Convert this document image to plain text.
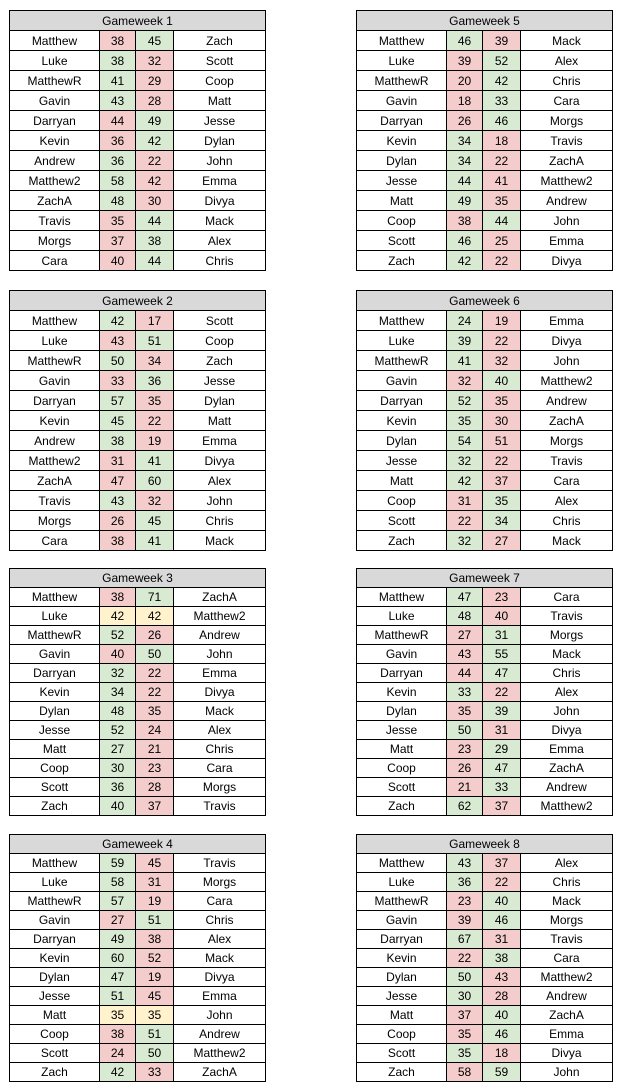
Gameweek 1			
Matthew	38	45	Zach
Luke	38	32	Scott
MatthewR	41	29	Coop
Gavin	43	28	Matt
Darryan	44	49	Jesse
Kevin	36	42	Dylan
Andrew	36	22	John
Matthew2	58	42	Emma
ZachA	48	30	Divya
Travis	35	44	Mack
Morgs	37	38	Alex
Cara	40	44	Chris
Gameweek 5			
Matthew	46	39	Mack
Luke	39	52	Alex
MatthewR	20	42	Chris
Gavin	18	33	Cara
Darryan	26	46	Morgs
Kevin	34	18	Travis
Dylan	34	22	ZachA
Jesse	44	41	Matthew2
Matt	49	35	Andrew
Coop	38	44	John
Scott	46	25	Emma
Zach	42	22	Divya
Gameweek 2			
Matthew	42	17	Scott
Luke	43	51	Coop
MatthewR	50	34	Zach
Gavin	33	36	Jesse
Darryan	57	35	Dylan
Kevin	45	22	Matt
Andrew	38	19	Emma
Matthew2	31	41	Divya
ZachA	47	60	Alex
Travis	43	32	John
Morgs	26	45	Chris
Cara	38	41	Mack
Gameweek 6			
Matthew	24	19	Emma
Luke	39	22	Divya
MatthewR	41	32	John
Gavin	32	40	Matthew2
Darryan	52	35	Andrew
Kevin	35	30	ZachA
Dylan	54	51	Morgs
Jesse	32	22	Travis
Matt	42	37	Cara
Coop	31	35	Alex
Scott	22	34	Chris
Zach	32	27	Mack
Gameweek 3			
Matthew	38	71	ZachA
Luke	42	42	Matthew2
MatthewR	52	26	Andrew
Gavin	40	50	John
Darryan	32	22	Emma
Kevin	34	22	Divya
Dylan	48	35	Mack
Jesse	52	24	Alex
Matt	27	21	Chris
Coop	30	23	Cara
Scott	36	28	Morgs
Zach	40	37	Travis
Gameweek 7			
Matthew	47	23	Cara
Luke	48	40	Travis
MatthewR	27	31	Morgs
Gavin	43	55	Mack
Darryan	44	47	Chris
Kevin	33	22	Alex
Dylan	35	39	John
Jesse	50	31	Divya
Matt	23	29	Emma
Coop	26	47	ZachA
Scott	21	33	Andrew
Zach	62	37	Matthew2
Gameweek 4			
Matthew	59	45	Travis
Luke	58	31	Morgs
MatthewR	57	19	Cara
Gavin	27	51	Chris
Darryan	49	38	Alex
Kevin	60	52	Mack
Dylan	47	19	Divya
Jesse	51	45	Emma
Matt	35	35	John
Coop	38	51	Andrew
Scott	24	50	Matthew2
Zach	42	33	ZachA
Gameweek 8			
Matthew	43	37	Alex
Luke	36	22	Chris
MatthewR	23	40	Mack
Gavin	39	46	Morgs
Darryan	67	31	Travis
Kevin	22	38	Cara
Dylan	50	43	Matthew2
Jesse	30	28	Andrew
Matt	37	40	ZachA
Coop	35	46	Emma
Scott	35	18	Divya
Zach	58	59	John
